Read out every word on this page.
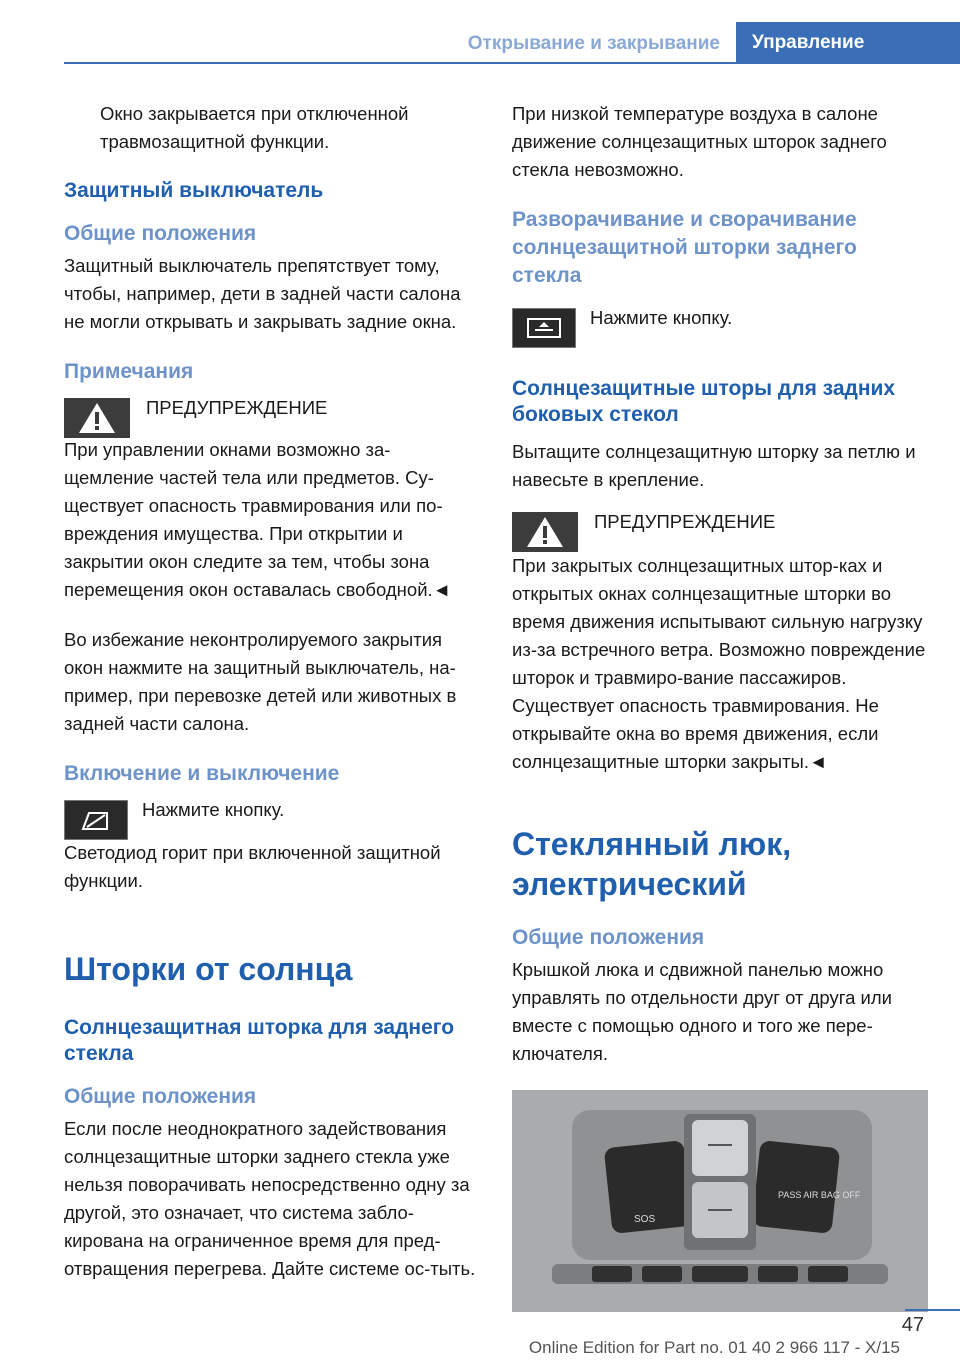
Открывание и закрывание	Управление

Окно закрывается при отключенной травмозащитной функции.

Защитный выключатель
Общие положения

Защитный выключатель препятствует тому, чтобы, например, дети в задней части салона не могли открывать и закрывать задние окна.

Примечания

ПРЕДУПРЕЖДЕНИЕ

При управлении окнами возможно за-щемление частей тела или предметов. Су-ществует опасность травмирования или по-вреждения имущества. При открытии и закрытии окон следите за тем, чтобы зона перемещения окон оставалась свободной.◄

Во избежание неконтролируемого закрытия окон нажмите на защитный выключатель, на-пример, при перевозке детей или животных в задней части салона.

Включение и выключение

Нажмите кнопку.

Светодиод горит при включенной защитной функции.

Шторки от солнца
Солнцезащитная шторка для заднего стекла
Общие положения

Если после неоднократного задействования солнцезащитные шторки заднего стекла уже нельзя поворачивать непосредственно одну за другой, это означает, что система забло-кирована на ограниченное время для пред-отвращения перегрева. Дайте системе ос-тыть.

При низкой температуре воздуха в салоне движение солнцезащитных шторок заднего стекла невозможно.

Разворачивание и сворачивание солнцезащитной шторки заднего стекла

Нажмите кнопку.

Солнцезащитные шторы для задних боковых стекол

Вытащите солнцезащитную шторку за петлю и навесьте в крепление.

ПРЕДУПРЕЖДЕНИЕ

При закрытых солнцезащитных штор-ках и открытых окнах солнцезащитные шторки во время движения испытывают сильную нагрузку из-за встречного ветра. Возможно повреждение шторок и травмиро-вание пассажиров. Существует опасность травмирования. Не открывайте окна во время движения, если солнцезащитные шторки закрыты.◄

Стеклянный люк, электрический
Общие положения

Крышкой люка и сдвижной панелью можно управлять по отдельности друг от друга или вместе с помощью одного и того же пере-ключателя.

SOS
PASS AIR BAG OFF
47
Online Edition for Part no. 01 40 2 966 117 - X/15
